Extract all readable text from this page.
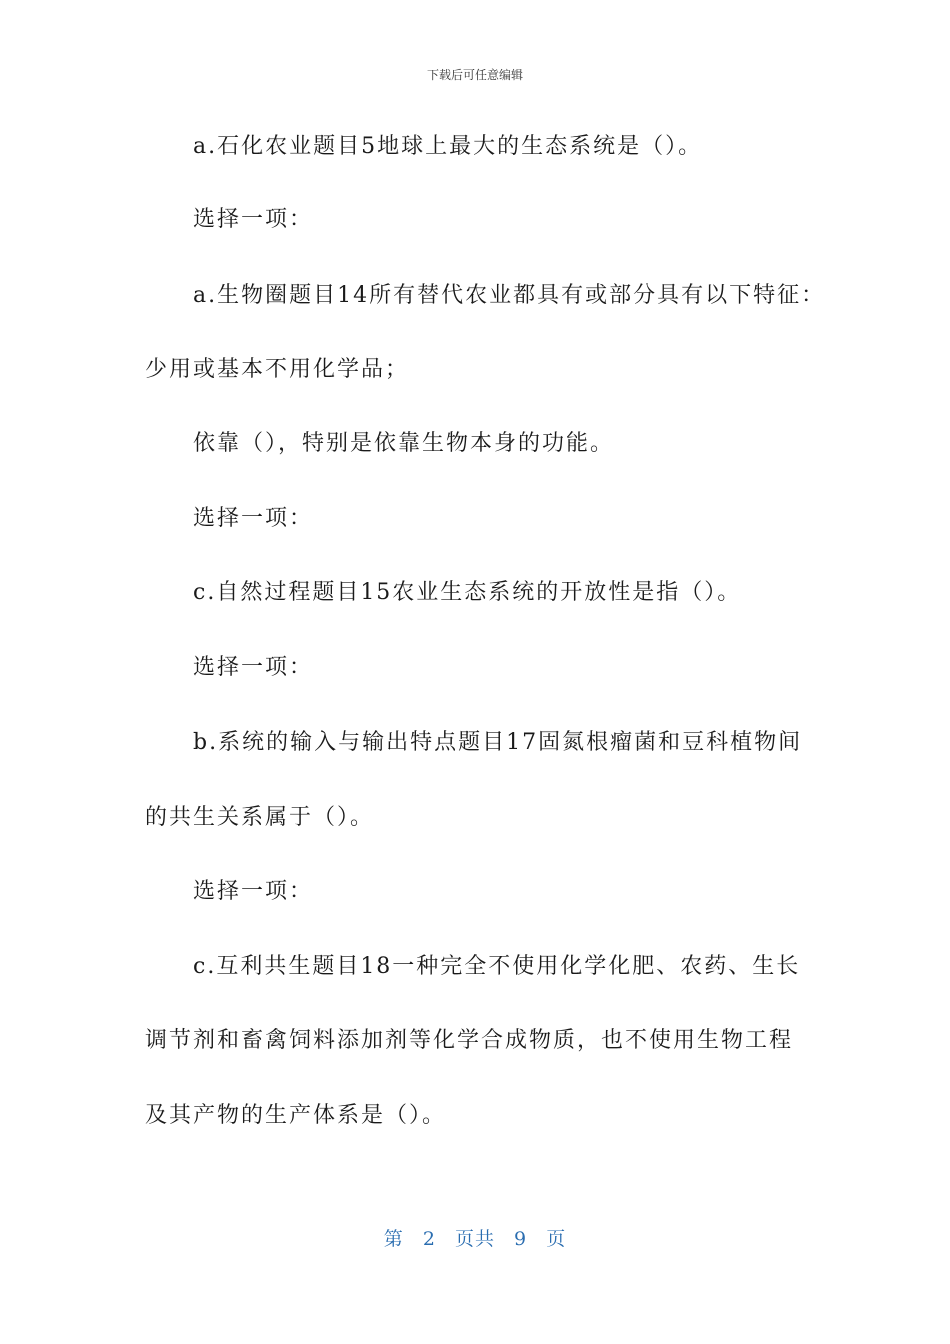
下载后可任意编辑
a.石化农业题目5地球上最大的生态系统是（）。
选择一项：
a.生物圈题目14所有替代农业都具有或部分具有以下特征：
少用或基本不用化学品；
依靠（），特别是依靠生物本身的功能。
选择一项：
c.自然过程题目15农业生态系统的开放性是指（）。
选择一项：
b.系统的输入与输出特点题目17固氮根瘤菌和豆科植物间
的共生关系属于（）。
选择一项：
c.互利共生题目18一种完全不使用化学化肥、农药、生长
调节剂和畜禽饲料添加剂等化学合成物质，也不使用生物工程
及其产物的生产体系是（）。
第 2 页共 9 页
